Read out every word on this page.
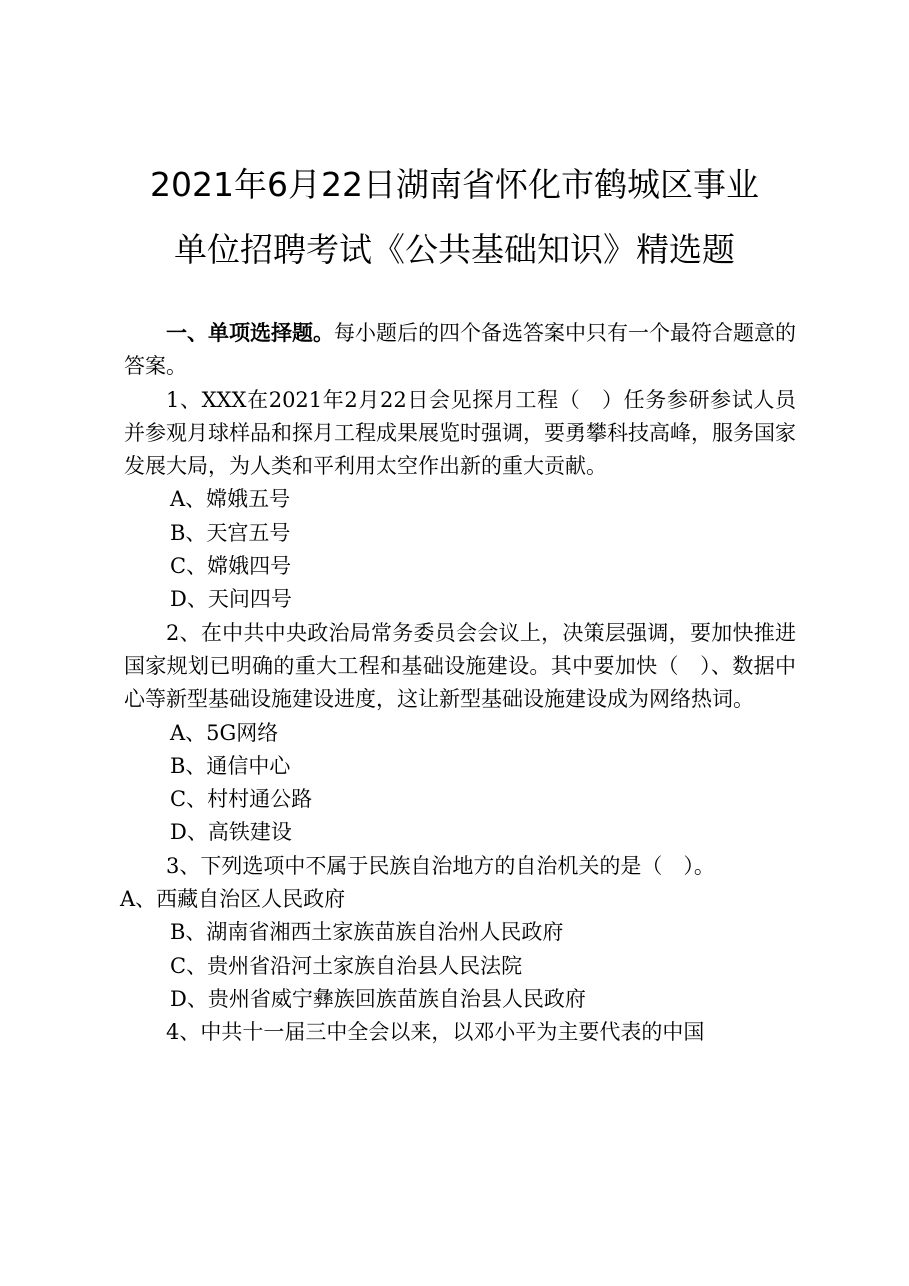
2021年6月22日湖南省怀化市鹤城区事业
单位招聘考试《公共基础知识》精选题

一、单项选择题。每小题后的四个备选答案中只有一个最符合题意的答案。

1、XXX在2021年2月22日会见探月工程（　）任务参研参试人员并参观月球样品和探月工程成果展览时强调，要勇攀科技高峰，服务国家发展大局，为人类和平利用太空作出新的重大贡献。

A、嫦娥五号

B、天宫五号

C、嫦娥四号

D、天问四号

2、在中共中央政治局常务委员会会议上，决策层强调，要加快推进国家规划已明确的重大工程和基础设施建设。其中要加快（　）、数据中心等新型基础设施建设进度，这让新型基础设施建设成为网络热词。

A、5G网络

B、通信中心

C、村村通公路

D、高铁建设

3、下列选项中不属于民族自治地方的自治机关的是（　）。

A、西藏自治区人民政府

B、湖南省湘西土家族苗族自治州人民政府

C、贵州省沿河土家族自治县人民法院

D、贵州省威宁彝族回族苗族自治县人民政府

4、中共十一届三中全会以来，以邓小平为主要代表的中国
